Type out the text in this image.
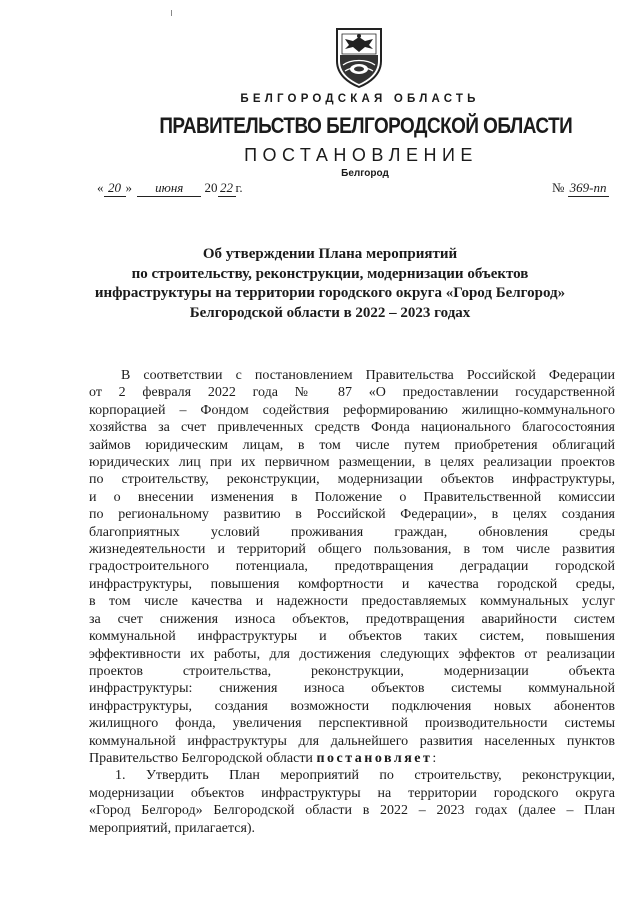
БЕЛГОРОДСКАЯ ОБЛАСТЬ
ПРАВИТЕЛЬСТВО БЕЛГОРОДСКОЙ ОБЛАСТИ
ПОСТАНОВЛЕНИЕ
Белгород
« 20 » июня 20 22 г.	№ 369-пп
Об утверждении Плана мероприятий
по строительству, реконструкции, модернизации объектов
инфраструктуры на территории городского округа «Город Белгород»
Белгородской области в 2022 – 2023 годах
В соответствии с постановлением Правительства Российской Федерации
от 2 февраля 2022 года № 87 «О предоставлении государственной
корпорацией – Фондом содействия реформированию жилищно-коммунального
хозяйства за счет привлеченных средств Фонда национального благосостояния
займов юридическим лицам, в том числе путем приобретения облигаций
юридических лиц при их первичном размещении, в целях реализации проектов
по строительству, реконструкции, модернизации объектов инфраструктуры,
и о внесении изменения в Положение о Правительственной комиссии
по региональному развитию в Российской Федерации», в целях создания
благоприятных условий проживания граждан, обновления среды
жизнедеятельности и территорий общего пользования, в том числе развития
градостроительного потенциала, предотвращения деградации городской
инфраструктуры, повышения комфортности и качества городской среды,
в том числе качества и надежности предоставляемых коммунальных услуг
за счет снижения износа объектов, предотвращения аварийности систем
коммунальной инфраструктуры и объектов таких систем, повышения
эффективности их работы, для достижения следующих эффектов от реализации
проектов строительства, реконструкции, модернизации объекта
инфраструктуры: снижения износа объектов системы коммунальной
инфраструктуры, создания возможности подключения новых абонентов
жилищного фонда, увеличения перспективной производительности системы
коммунальной инфраструктуры для дальнейшего развития населенных пунктов
Правительство Белгородской области постановляет:
1. Утвердить План мероприятий по строительству, реконструкции,
модернизации объектов инфраструктуры на территории городского округа
«Город Белгород» Белгородской области в 2022 – 2023 годах (далее – План
мероприятий, прилагается).
